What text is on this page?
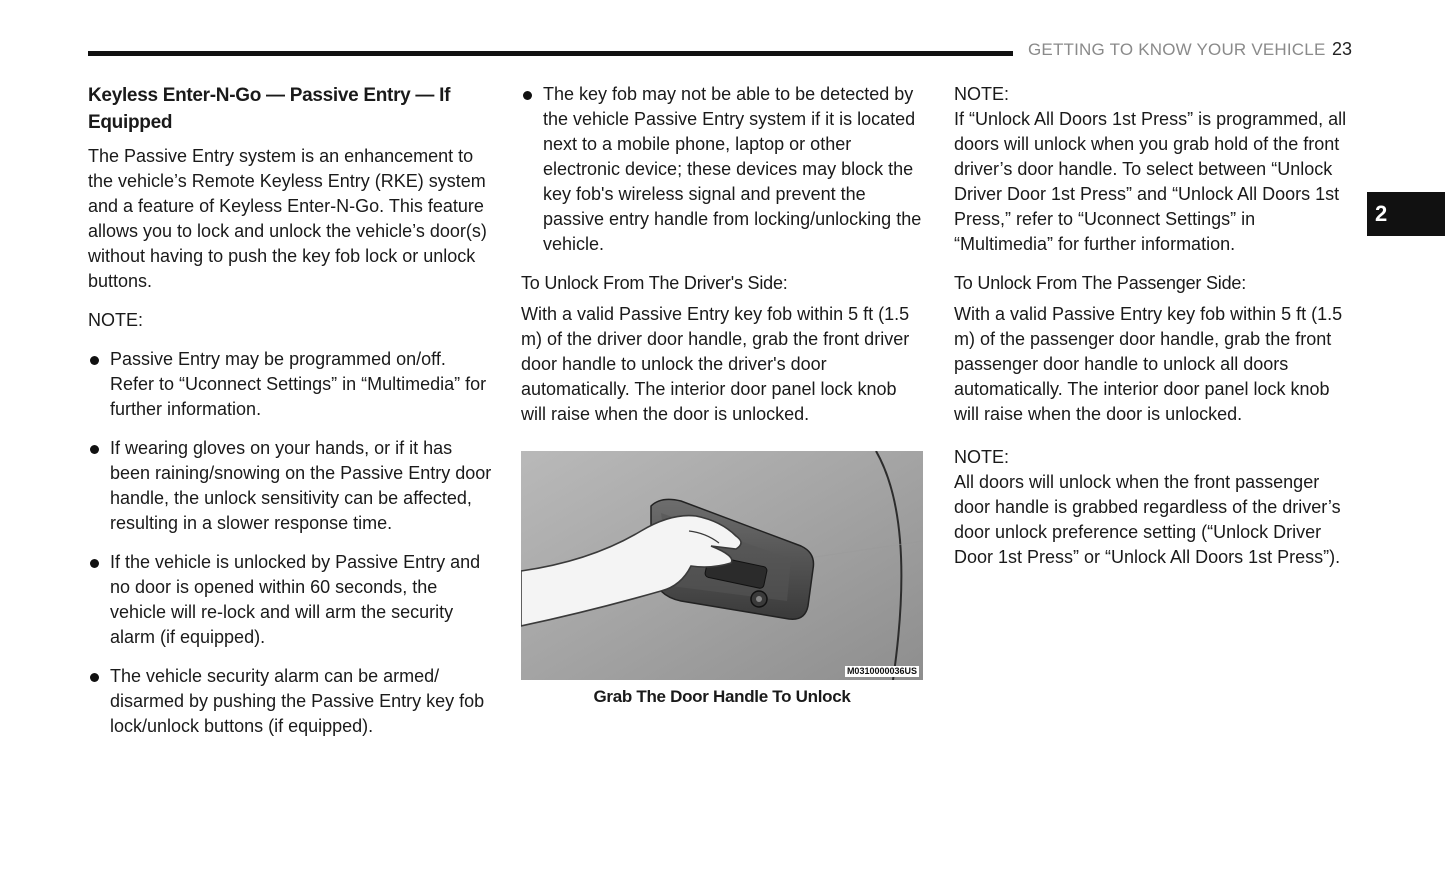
GETTING TO KNOW YOUR VEHICLE 23
2
Keyless Enter-N-Go — Passive Entry — If Equipped

The Passive Entry system is an enhancement to the vehicle’s Remote Keyless Entry (RKE) system and a feature of Keyless Enter-N-Go. This feature allows you to lock and unlock the vehicle’s door(s) without having to push the key fob lock or unlock buttons.

NOTE:

Passive Entry may be programmed on/off. Refer to “Uconnect Settings” in “Multimedia” for further information.
If wearing gloves on your hands, or if it has been raining/snowing on the Passive Entry door handle, the unlock sensitivity can be affected, resulting in a slower response time.
If the vehicle is unlocked by Passive Entry and no door is opened within 60 seconds, the vehicle will re-lock and will arm the security alarm (if equipped).
The vehicle security alarm can be armed/ disarmed by pushing the Passive Entry key fob lock/unlock buttons (if equipped).
The key fob may not be able to be detected by the vehicle Passive Entry system if it is located next to a mobile phone, laptop or other electronic device; these devices may block the key fob's wireless signal and prevent the passive entry handle from locking/unlocking the vehicle.

To Unlock From The Driver's Side:

With a valid Passive Entry key fob within 5 ft (1.5 m) of the driver door handle, grab the front driver door handle to unlock the driver's door automatically. The interior door panel lock knob will raise when the door is unlocked.

M0310000036US
Grab The Door Handle To Unlock

NOTE:

If “Unlock All Doors 1st Press” is programmed, all doors will unlock when you grab hold of the front driver’s door handle. To select between “Unlock Driver Door 1st Press” and “Unlock All Doors 1st Press,” refer to “Uconnect Settings” in “Multimedia” for further information.

To Unlock From The Passenger Side:

With a valid Passive Entry key fob within 5 ft (1.5 m) of the passenger door handle, grab the front passenger door handle to unlock all doors automatically. The interior door panel lock knob will raise when the door is unlocked.

NOTE:

All doors will unlock when the front passenger door handle is grabbed regardless of the driver’s door unlock preference setting (“Unlock Driver Door 1st Press” or “Unlock All Doors 1st Press”).
